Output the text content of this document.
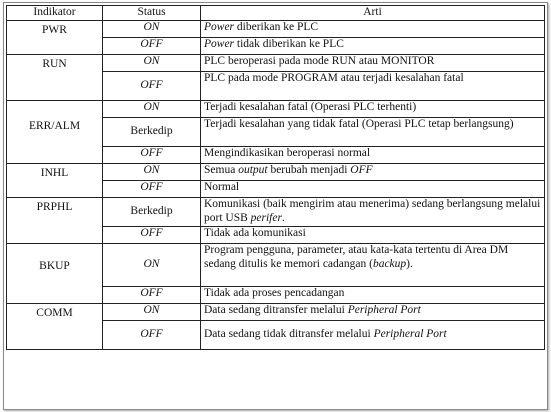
Indikator	Status	Arti
PWR	ON	Power diberikan ke PLC
	OFF	Power tidak diberikan ke PLC
RUN	ON	PLC beroperasi pada mode RUN atau MONITOR
	OFF	PLC pada mode PROGRAM atau terjadi kesalahan fatal
ERR/ALM	ON	Terjadi kesalahan fatal (Operasi PLC terhenti)
	Berkedip	Terjadi kesalahan yang tidak fatal (Operasi PLC tetap berlangsung)
	OFF	Mengindikasikan beroperasi normal
INHL	ON	Semua output berubah menjadi OFF
	OFF	Normal
PRPHL	Berkedip	Komunikasi (baik mengirim atau menerima) sedang berlangsung melalui port USB perifer.
	OFF	Tidak ada komunikasi
BKUP	ON	Program pengguna, parameter, atau kata-kata tertentu di Area DM sedang ditulis ke memori cadangan (backup).
	OFF	Tidak ada proses pencadangan
COMM	ON	Data sedang ditransfer melalui Peripheral Port
	OFF	Data sedang tidak ditransfer melalui Peripheral Port
